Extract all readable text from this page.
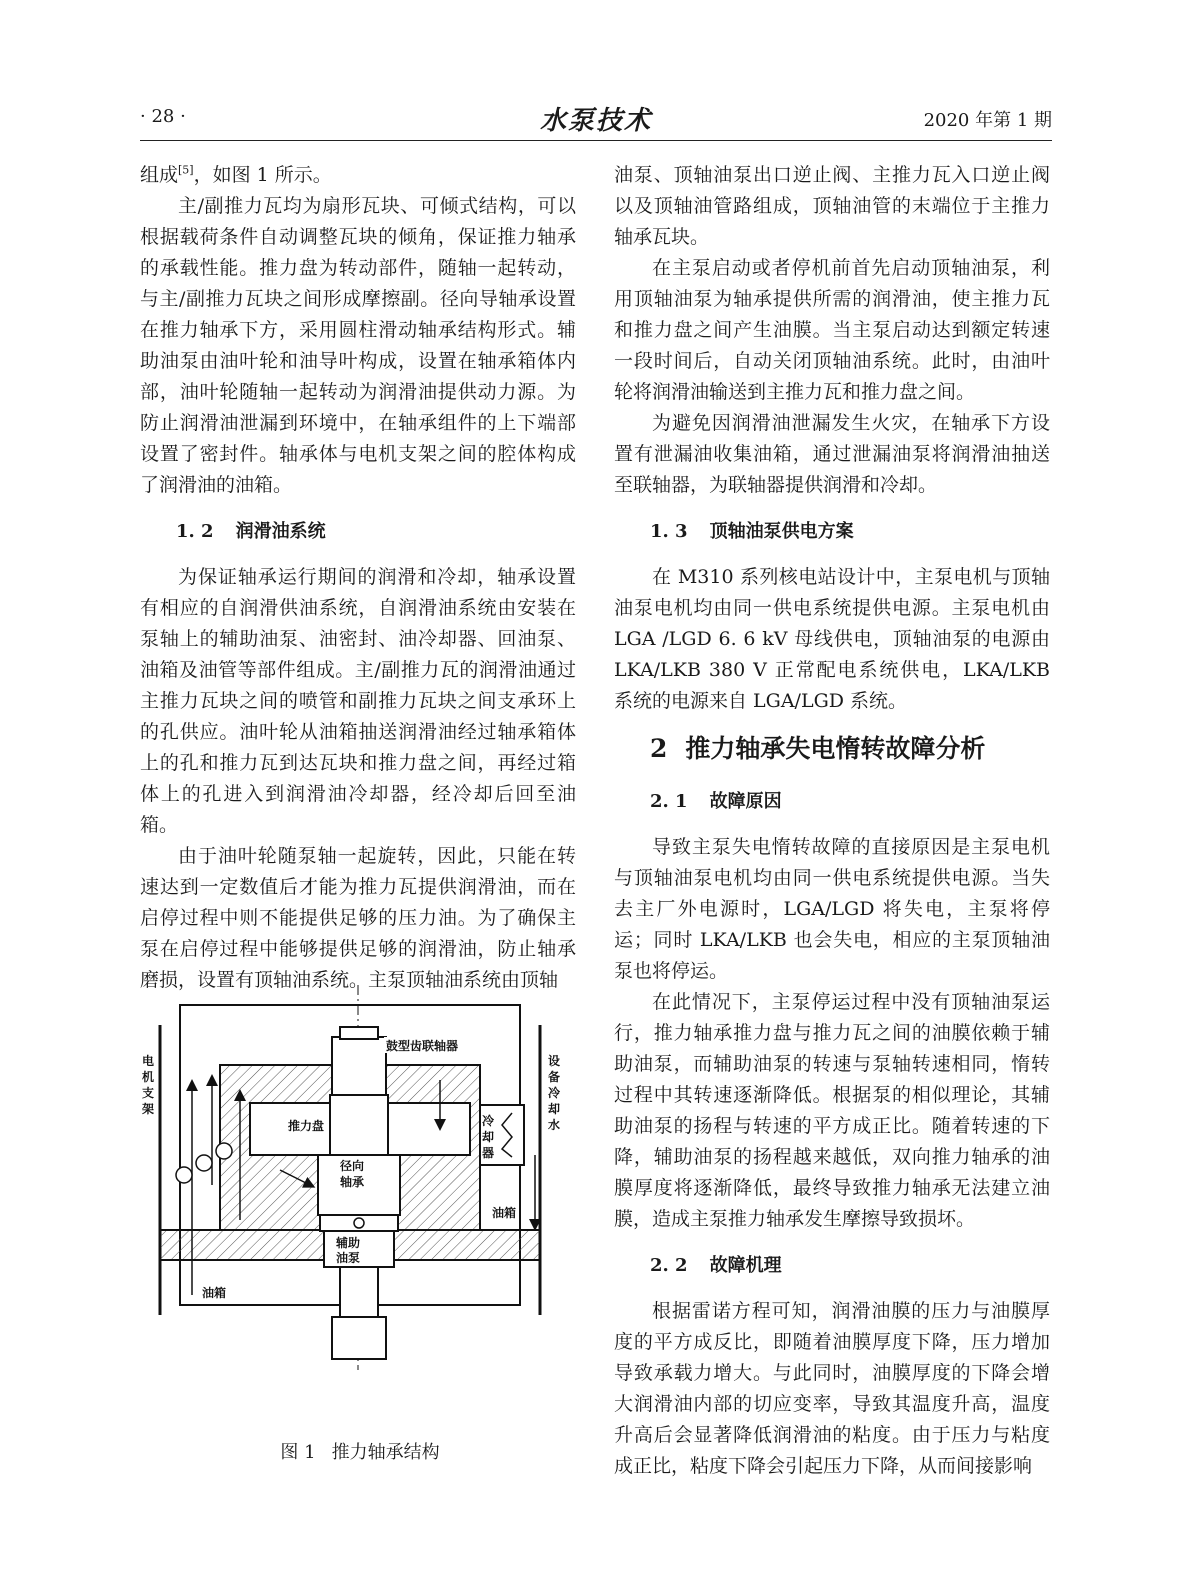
· 28 ·	水泵技术	2020 年第 1 期

组成[5]，如图 1 所示。

主/副推力瓦均为扇形瓦块、可倾式结构，可以根据载荷条件自动调整瓦块的倾角，保证推力轴承的承载性能。推力盘为转动部件，随轴一起转动，与主/副推力瓦块之间形成摩擦副。径向导轴承设置在推力轴承下方，采用圆柱滑动轴承结构形式。辅助油泵由油叶轮和油导叶构成，设置在轴承箱体内部，油叶轮随轴一起转动为润滑油提供动力源。为防止润滑油泄漏到环境中，在轴承组件的上下端部设置了密封件。轴承体与电机支架之间的腔体构成了润滑油的油箱。

1. 2 润滑油系统

为保证轴承运行期间的润滑和冷却，轴承设置有相应的自润滑供油系统，自润滑油系统由安装在泵轴上的辅助油泵、油密封、油冷却器、回油泵、油箱及油管等部件组成。主/副推力瓦的润滑油通过主推力瓦块之间的喷管和副推力瓦块之间支承环上的孔供应。油叶轮从油箱抽送润滑油经过轴承箱体上的孔和推力瓦到达瓦块和推力盘之间，再经过箱体上的孔进入到润滑油冷却器，经冷却后回至油箱。

由于油叶轮随泵轴一起旋转，因此，只能在转速达到一定数值后才能为推力瓦提供润滑油，而在启停过程中则不能提供足够的压力油。为了确保主泵在启停过程中能够提供足够的润滑油，防止轴承磨损，设置有顶轴油系统。主泵顶轴油系统由顶轴

鼓型齿联轴器
推力盘
径向
轴承
冷却器
设备冷却水
电机支架
油箱
辅助
油泵
油箱
图 1 推力轴承结构

油泵、顶轴油泵出口逆止阀、主推力瓦入口逆止阀以及顶轴油管路组成，顶轴油管的末端位于主推力轴承瓦块。

在主泵启动或者停机前首先启动顶轴油泵，利用顶轴油泵为轴承提供所需的润滑油，使主推力瓦和推力盘之间产生油膜。当主泵启动达到额定转速一段时间后，自动关闭顶轴油系统。此时，由油叶轮将润滑油输送到主推力瓦和推力盘之间。

为避免因润滑油泄漏发生火灾，在轴承下方设置有泄漏油收集油箱，通过泄漏油泵将润滑油抽送至联轴器，为联轴器提供润滑和冷却。

1. 3 顶轴油泵供电方案

在 M310 系列核电站设计中，主泵电机与顶轴油泵电机均由同一供电系统提供电源。主泵电机由 LGA /LGD 6. 6 kV 母线供电，顶轴油泵的电源由 LKA/LKB 380 V 正常配电系统供电，LKA/LKB 系统的电源来自 LGA/LGD 系统。

2 推力轴承失电惰转故障分析
2. 1 故障原因

导致主泵失电惰转故障的直接原因是主泵电机与顶轴油泵电机均由同一供电系统提供电源。当失去主厂外电源时，LGA/LGD 将失电，主泵将停运；同时 LKA/LKB 也会失电，相应的主泵顶轴油泵也将停运。

在此情况下，主泵停运过程中没有顶轴油泵运行，推力轴承推力盘与推力瓦之间的油膜依赖于辅助油泵，而辅助油泵的转速与泵轴转速相同，惰转过程中其转速逐渐降低。根据泵的相似理论，其辅助油泵的扬程与转速的平方成正比。随着转速的下降，辅助油泵的扬程越来越低，双向推力轴承的油膜厚度将逐渐降低，最终导致推力轴承无法建立油膜，造成主泵推力轴承发生摩擦导致损坏。

2. 2 故障机理

根据雷诺方程可知，润滑油膜的压力与油膜厚度的平方成反比，即随着油膜厚度下降，压力增加导致承载力增大。与此同时，油膜厚度的下降会增大润滑油内部的切应变率，导致其温度升高，温度升高后会显著降低润滑油的粘度。由于压力与粘度成正比，粘度下降会引起压力下降，从而间接影响
